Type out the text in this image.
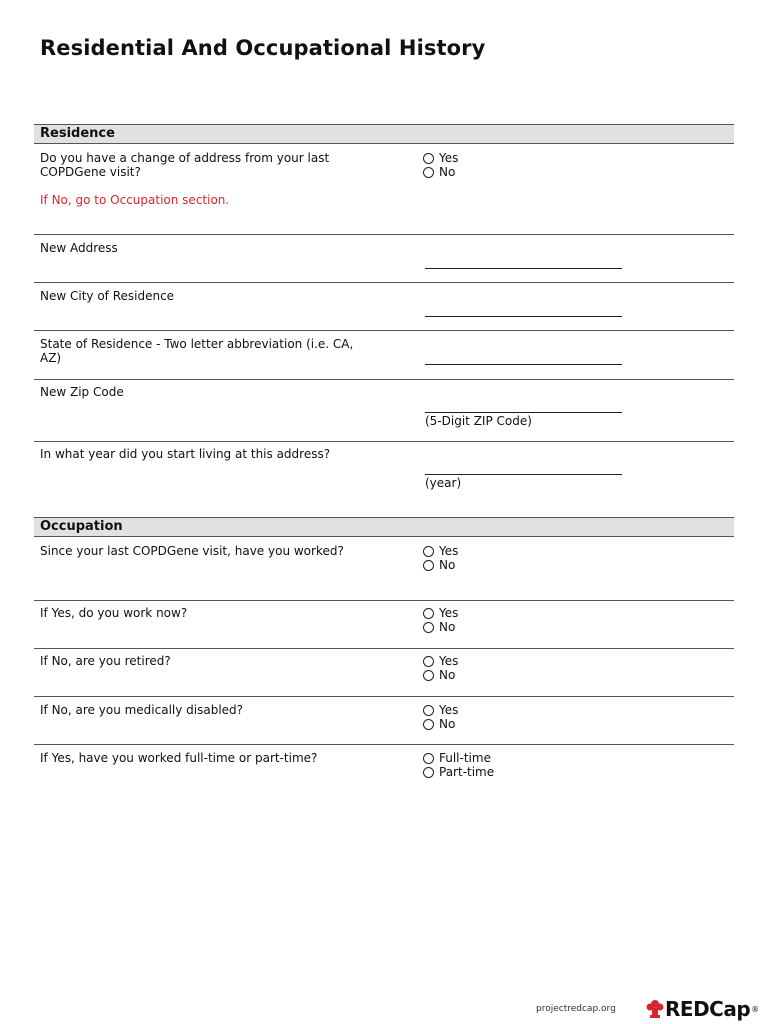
Residential And Occupational History
Residence
Do you have a change of address from your last COPDGene visit?
Yes
No
If No, go to Occupation section.
New Address
New City of Residence
State of Residence - Two letter abbreviation (i.e. CA, AZ)
New Zip Code
(5-Digit ZIP Code)
In what year did you start living at this address?
(year)
Occupation
Since your last COPDGene visit, have you worked?	Yes
No
If Yes, do you work now?	Yes
No
If No, are you retired?	Yes
No
If No, are you medically disabled?	Yes
No
If Yes, have you worked full-time or part-time?	Full-time
Part-time
projectredcap.org REDCap ®
